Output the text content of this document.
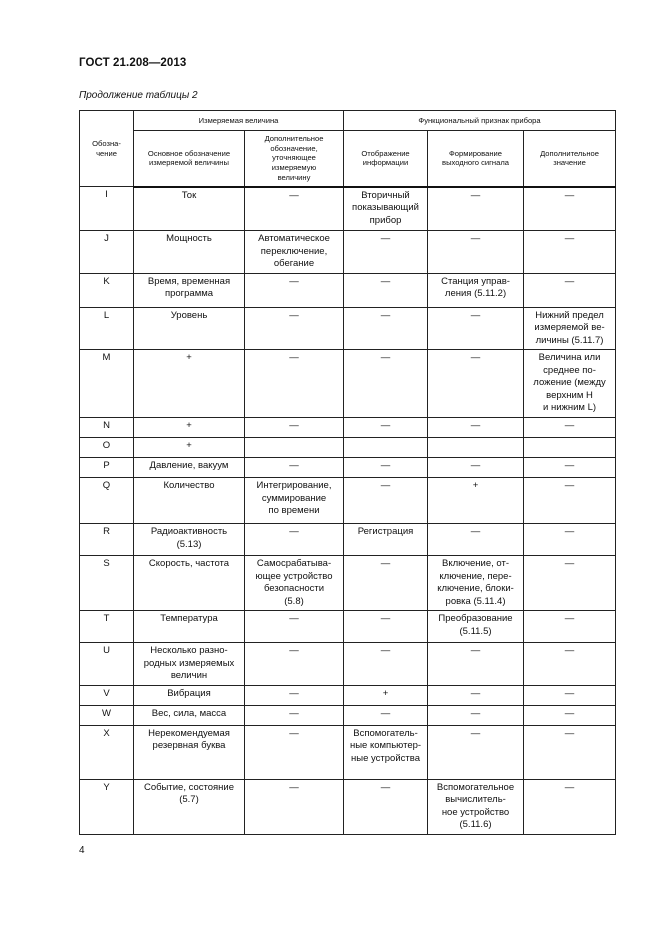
ГОСТ 21.208—2013
Продолжение таблицы 2
Обозна-
чение	Измеряемая величина		Функциональный признак прибора		
	Основное обозначение
измеряемой величины	Дополнительное
обозначение,
уточняющее
измеряемую
величину	Отображение
информации	Формирование
выходного сигнала	Дополнительное
значение
I	Ток	—	Вторичный
показывающий
прибор	—	—
J	Мощность	Автоматическое
переключение,
обегание	—	—	—
K	Время, временная
программа	—	—	Станция управ-
ления (5.11.2)	—
L	Уровень	—	—	—	Нижний предел
измеряемой ве-
личины (5.11.7)
M	+	—	—	—	Величина или
среднее по-
ложение (между
верхним H
и нижним L)
N	+	—	—	—	—
O	+				
P	Давление, вакуум	—	—	—	—
Q	Количество	Интегрирование,
суммирование
по времени	—	+	—
R	Радиоактивность
(5.13)	—	Регистрация	—	—
S	Скорость, частота	Самосрабатыва-
ющее устройство
безопасности
(5.8)	—	Включение, от-
ключение, пере-
ключение, блоки-
ровка (5.11.4)	—
T	Температура	—	—	Преобразование
(5.11.5)	—
U	Несколько разно-
родных измеряемых
величин	—	—	—	—
V	Вибрация	—	+	—	—
W	Вес, сила, масса	—	—	—	—
X	Нерекомендуемая
резервная буква	—	Вспомогатель-
ные компьютер-
ные устройства	—	—
Y	Событие, состояние
(5.7)	—	—	Вспомогательное
вычислитель-
ное устройство
(5.11.6)	—
4
